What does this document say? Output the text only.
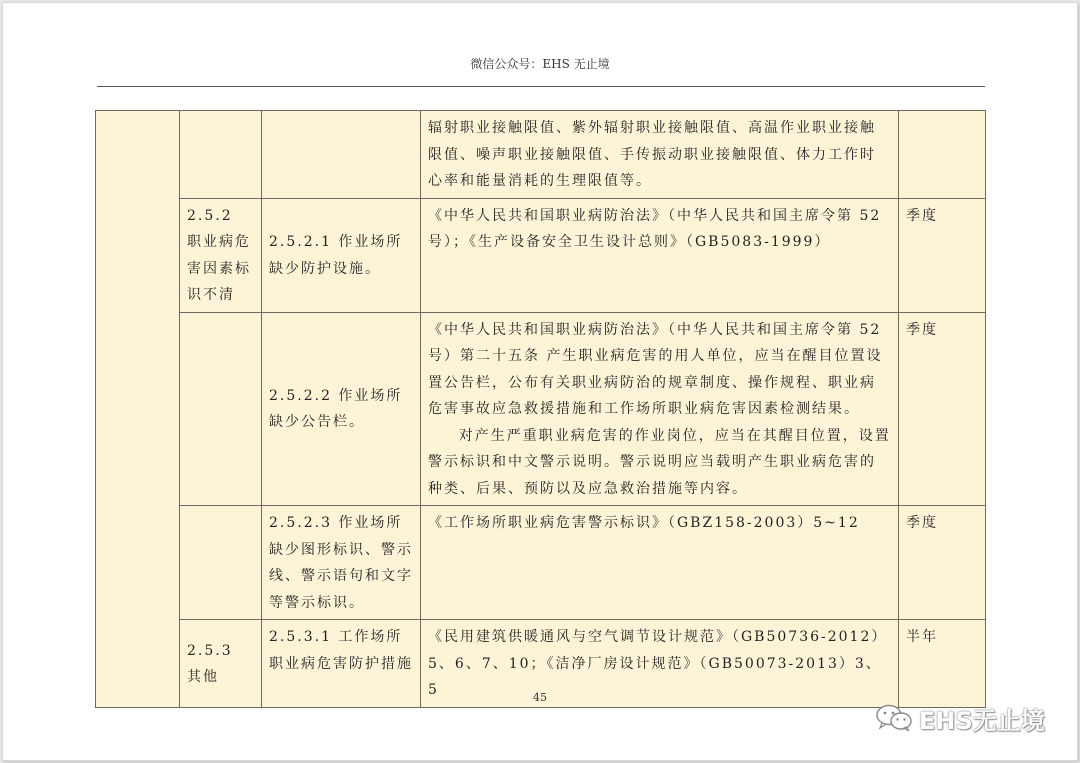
微信公众号：EHS 无止境
			辐射职业接触限值、紫外辐射职业接触限值、高温作业职业接触限值、噪声职业接触限值、手传振动职业接触限值、体力工作时心率和能量消耗的生理限值等。	
	2.5.2 职业病危害因素标识不清	2.5.2.1 作业场所缺少防护设施。	《中华人民共和国职业病防治法》（中华人民共和国主席令第 52 号）；《生产设备安全卫生设计总则》（GB5083-1999）	季度
		2.5.2.2 作业场所缺少公告栏。	《中华人民共和国职业病防治法》（中华人民共和国主席令第 52 号）第二十五条 产生职业病危害的用人单位，应当在醒目位置设置公告栏，公布有关职业病防治的规章制度、操作规程、职业病危害事故应急救援措施和工作场所职业病危害因素检测结果。
对产生严重职业病危害的作业岗位，应当在其醒目位置，设置警示标识和中文警示说明。警示说明应当载明产生职业病危害的种类、后果、预防以及应急救治措施等内容。	季度
		2.5.2.3 作业场所缺少图形标识、警示线、警示语句和文字等警示标识。	《工作场所职业病危害警示标识》（GBZ158-2003）5~12	季度
	2.5.3 其他	2.5.3.1 工作场所职业病危害防护措施	《民用建筑供暖通风与空气调节设计规范》（GB50736-2012）5、6、7、10；《洁净厂房设计规范》（GB50073-2013）3、5	半年
45
EHS无止境
